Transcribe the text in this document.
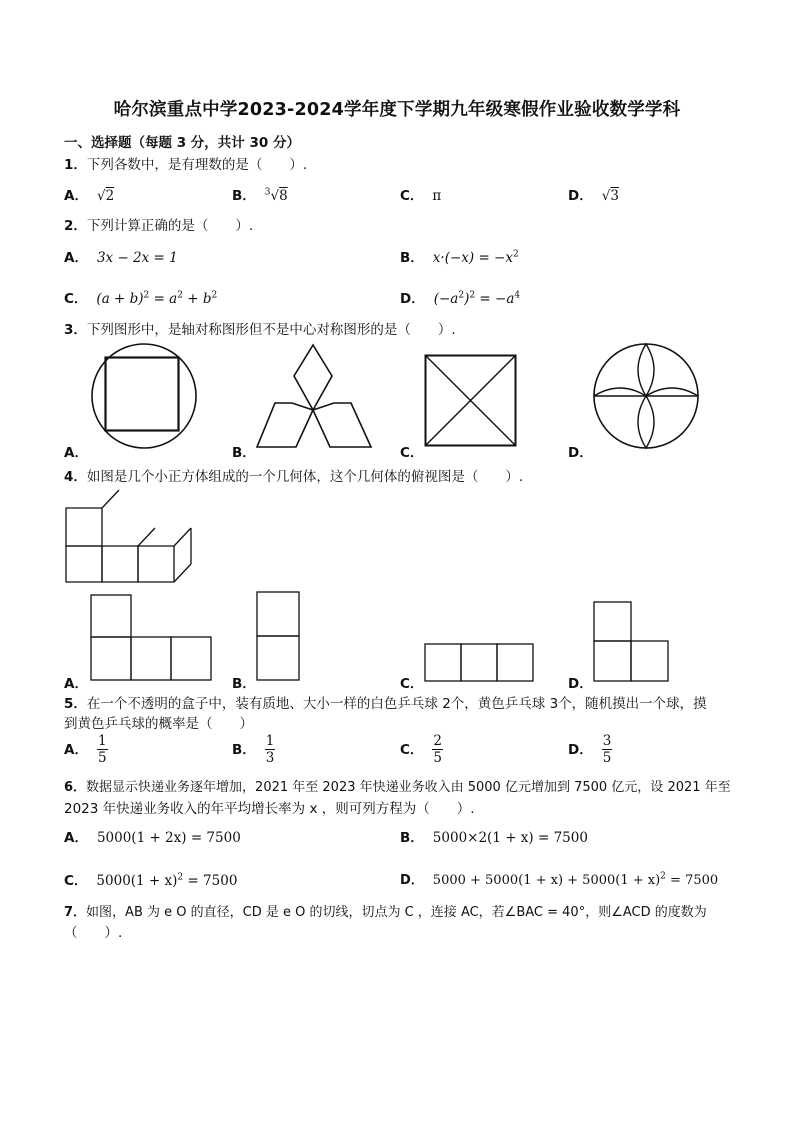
哈尔滨重点中学2023-2024学年度下学期九年级寒假作业验收数学学科
一、选择题（每题 3 分，共计 30 分）
1．下列各数中，是有理数的是（　　）.
A． √2	B． $^3$√8	C． π	D． √3
2．下列计算正确的是（　　）.
A． 3x − 2x = 1	B． $x\cdot(-x) = -x^2$
C． $(a + b)^2 = a^2 + b^2$	D． $(-a^2)^2 = -a^4$
3．下列图形中，是轴对称图形但不是中心对称图形的是（　　）.
A．	B．	C．	D．
4．如图是几个小正方体组成的一个几何体，这个几何体的俯视图是（　　）.
A．	B．	C．	D．
5．在一个不透明的盒子中，装有质地、大小一样的白色乒乓球 2个，黄色乒乓球 3个，随机摸出一个球，摸
到黄色乒乓球的概率是（　　）
A． $\frac{1}{5}$	B． $\frac{1}{3}$	C． $\frac{2}{5}$	D． $\frac{3}{5}$
6．数据显示快递业务逐年增加，2021 年至 2023 年快递业务收入由 5000 亿元增加到 7500 亿元，设 2021 年至
2023 年快递业务收入的年平均增长率为 x ，则可列方程为（　　）.
A． 5000(1 + 2x) = 7500	B． 5000×2(1 + x) = 7500
C． $5000(1 + x)^2 = 7500$	D． $5000 + 5000(1 + x) + 5000(1 + x)^2 = 7500$
7．如图，AB 为 e O 的直径，CD 是 e O 的切线，切点为 C ，连接 AC，若∠BAC = 40°，则∠ACD 的度数为
（　　）.
